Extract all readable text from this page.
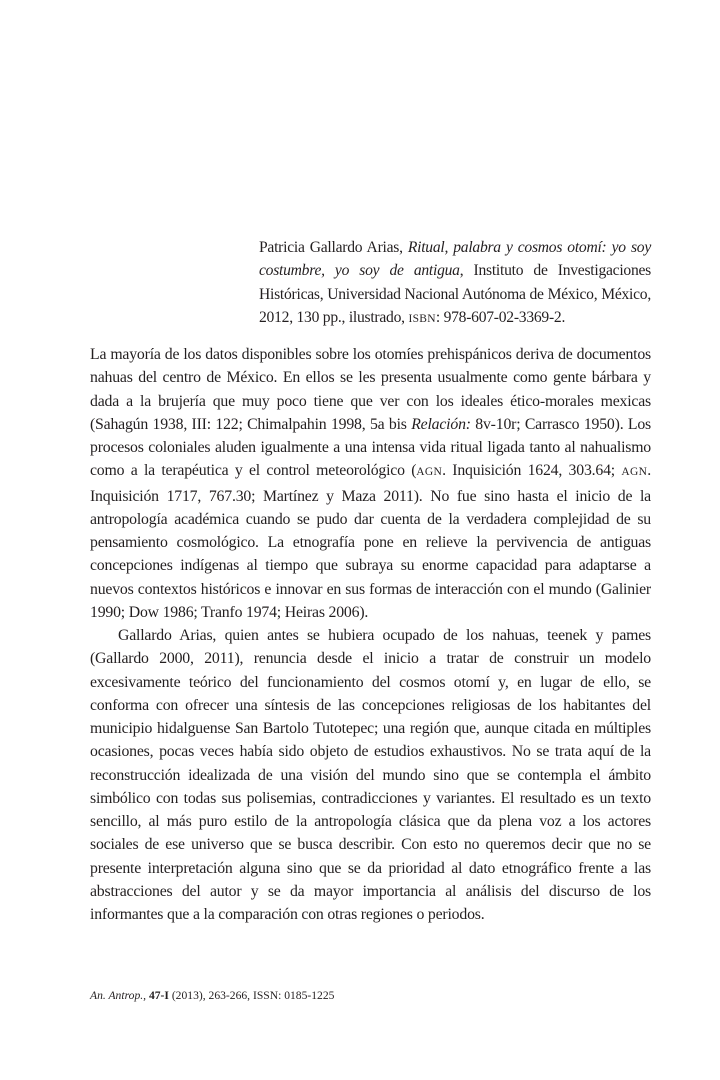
Patricia Gallardo Arias, Ritual, palabra y cosmos otomí: yo soy costumbre, yo soy de antigua, Instituto de Investigaciones Históricas, Universidad Nacional Autónoma de México, México, 2012, 130 pp., ilustrado, ISBN: 978-607-02-3369-2.

La mayoría de los datos disponibles sobre los otomíes prehispánicos deriva de documentos nahuas del centro de México. En ellos se les presenta usualmente como gente bárbara y dada a la brujería que muy poco tiene que ver con los ideales ético-morales mexicas (Sahagún 1938, III: 122; Chimalpahin 1998, 5a bis Relación: 8v-10r; Carrasco 1950). Los procesos coloniales aluden igualmente a una intensa vida ritual ligada tanto al nahualismo como a la terapéutica y el control meteorológico (AGN. Inquisición 1624, 303.64; AGN. Inquisición 1717, 767.30; Martínez y Maza 2011). No fue sino hasta el inicio de la antropología académica cuando se pudo dar cuenta de la verdadera complejidad de su pensamiento cosmológico. La etnografía pone en relieve la pervivencia de antiguas concepciones indígenas al tiempo que subraya su enorme capacidad para adaptarse a nuevos contextos históricos e innovar en sus formas de interacción con el mundo (Galinier 1990; Dow 1986; Tranfo 1974; Heiras 2006).

Gallardo Arias, quien antes se hubiera ocupado de los nahuas, teenek y pames (Gallardo 2000, 2011), renuncia desde el inicio a tratar de construir un modelo excesivamente teórico del funcionamiento del cosmos otomí y, en lugar de ello, se conforma con ofrecer una síntesis de las concepciones religiosas de los habitantes del municipio hidalguense San Bartolo Tutotepec; una región que, aunque citada en múltiples ocasiones, pocas veces había sido objeto de estudios exhaustivos. No se trata aquí de la reconstrucción idealizada de una visión del mundo sino que se contempla el ámbito simbólico con todas sus polisemias, contradicciones y variantes. El resultado es un texto sencillo, al más puro estilo de la antropología clásica que da plena voz a los actores sociales de ese universo que se busca describir. Con esto no queremos decir que no se presente interpretación alguna sino que se da prioridad al dato etnográfico frente a las abstracciones del autor y se da mayor importancia al análisis del discurso de los informantes que a la comparación con otras regiones o periodos.

An. Antrop., 47-I (2013), 263-266, ISSN: 0185-1225
